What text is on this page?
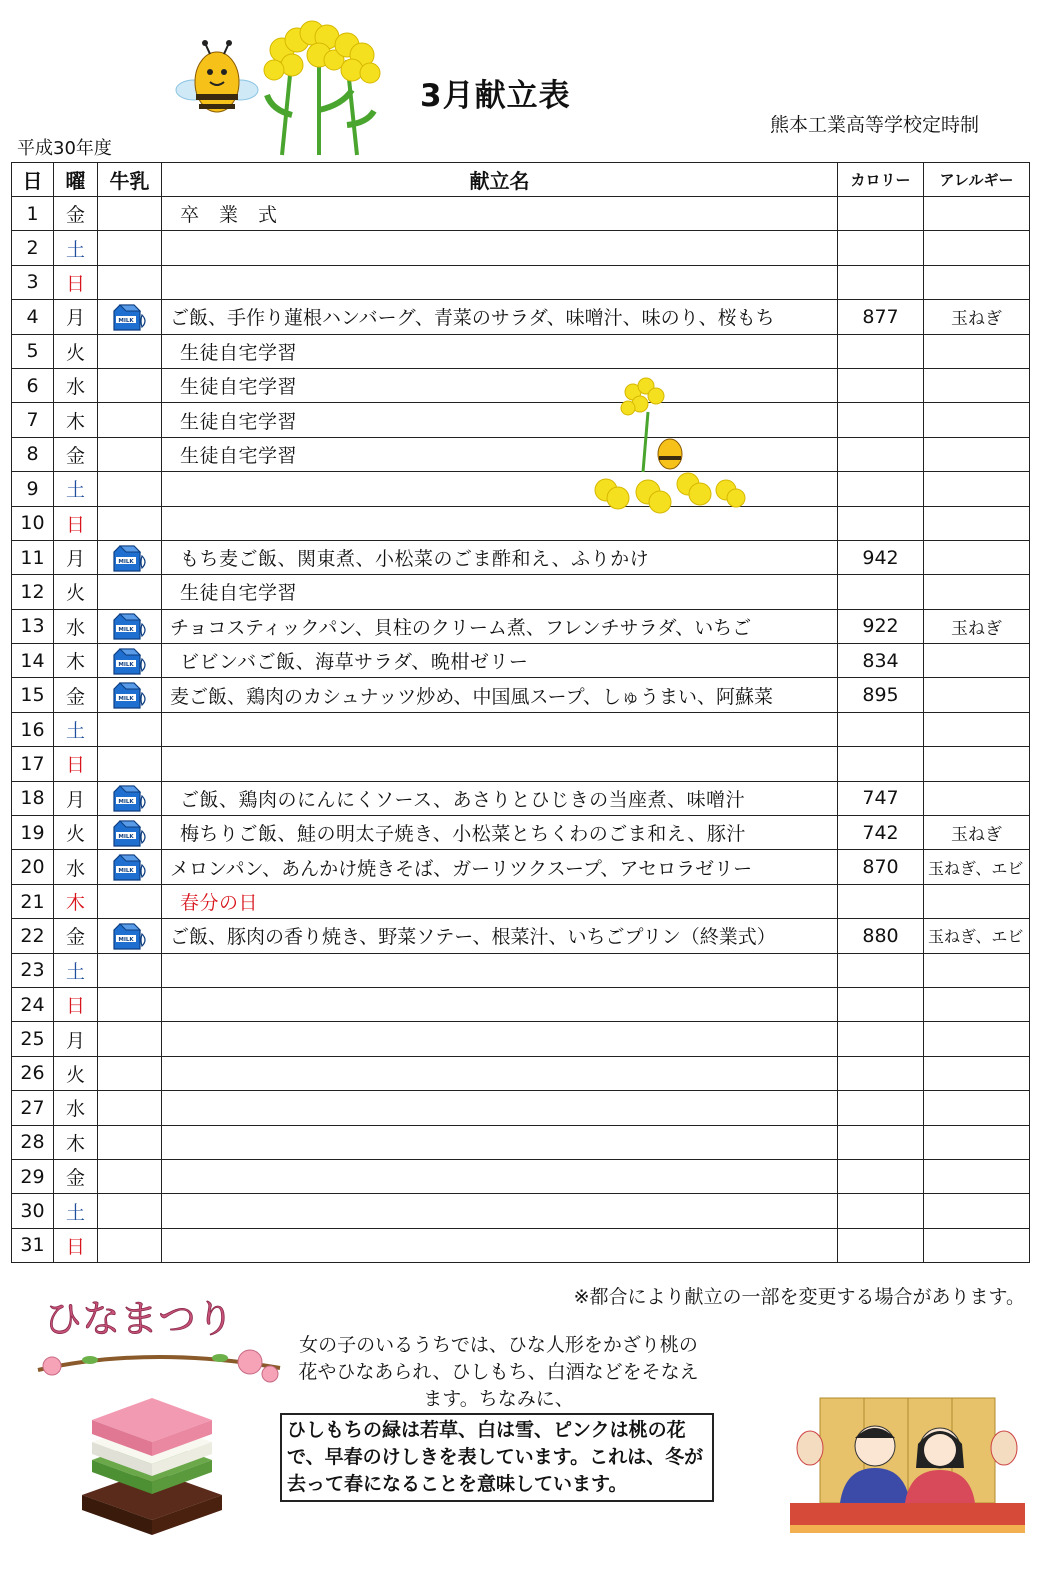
3月献立表
熊本工業高等学校定時制
平成30年度
日	曜	牛乳	献立名	カロリー	アレルギー
1	金		卒　業　式		
2	土				
3	日				
4	月	MILK	ご飯、手作り蓮根ハンバーグ、青菜のサラダ、味噌汁、味のり、桜もち	877	玉ねぎ
5	火		生徒自宅学習		
6	水		生徒自宅学習		
7	木		生徒自宅学習		
8	金		生徒自宅学習		
9	土				
10	日				
11	月	MILK	もち麦ご飯、関東煮、小松菜のごま酢和え、ふりかけ	942	
12	火		生徒自宅学習		
13	水	MILK	チョコスティックパン、貝柱のクリーム煮、フレンチサラダ、いちご	922	玉ねぎ
14	木	MILK	ビビンバご飯、海草サラダ、晩柑ゼリー	834	
15	金	MILK	麦ご飯、鶏肉のカシュナッツ炒め、中国風スープ、しゅうまい、阿蘇菜	895	
16	土				
17	日				
18	月	MILK	ご飯、鶏肉のにんにくソース、あさりとひじきの当座煮、味噌汁	747	
19	火	MILK	梅ちりご飯、鮭の明太子焼き、小松菜とちくわのごま和え、豚汁	742	玉ねぎ
20	水	MILK	メロンパン、あんかけ焼きそば、ガーリツクスープ、アセロラゼリー	870	玉ねぎ、エビ
21	木		春分の日		
22	金	MILK	ご飯、豚肉の香り焼き、野菜ソテー、根菜汁、いちごプリン（終業式）	880	玉ねぎ、エビ
23	土				
24	日				
25	月				
26	火				
27	水				
28	木				
29	金				
30	土				
31	日				
※都合により献立の一部を変更する場合があります。
ひなまつり
女の子のいるうちでは、ひな人形をかざり桃の花やひなあられ、ひしもち、白酒などをそなえます。ちなみに、
ひしもちの緑は若草、白は雪、ピンクは桃の花で、早春のけしきを表しています。これは、冬が去って春になることを意味しています。
